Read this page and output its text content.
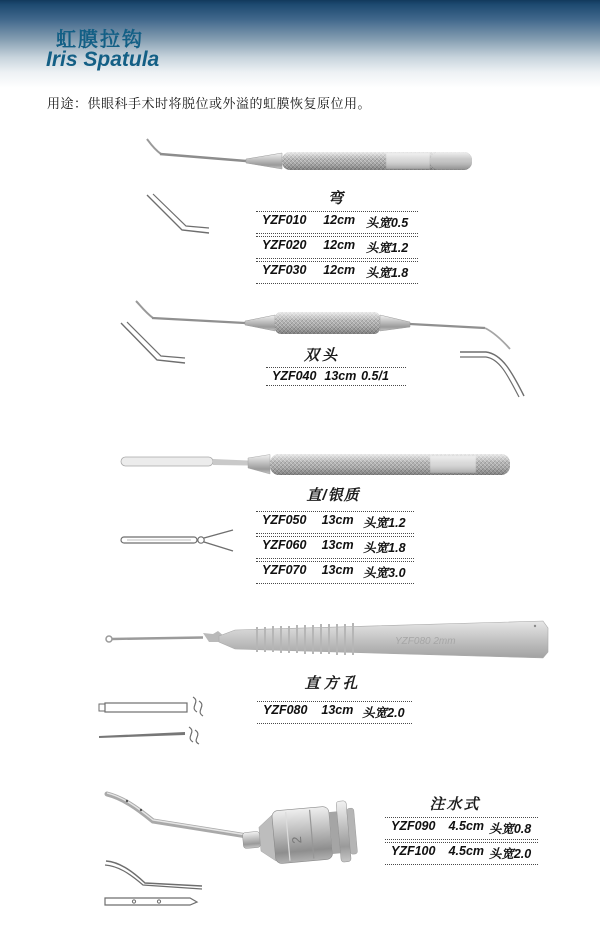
虹膜拉钩
Iris Spatula
用途：供眼科手术时将脱位或外溢的虹膜恢复原位用。
弯
YZF010	12cm 头宽0.5
YZF020	12cm 头宽1.2
YZF030	12cm 头宽1.8
双头
YZF040 13cm 0.5/1
直/银质
YZF050	13cm 头宽1.2
YZF060	13cm 头宽1.8
YZF070	13cm 头宽3.0
YZF080 2mm
直方孔
YZF080	13cm 头宽2.0
2
注水式
YZF090	4.5cm 头宽0.8
YZF100	4.5cm 头宽2.0
